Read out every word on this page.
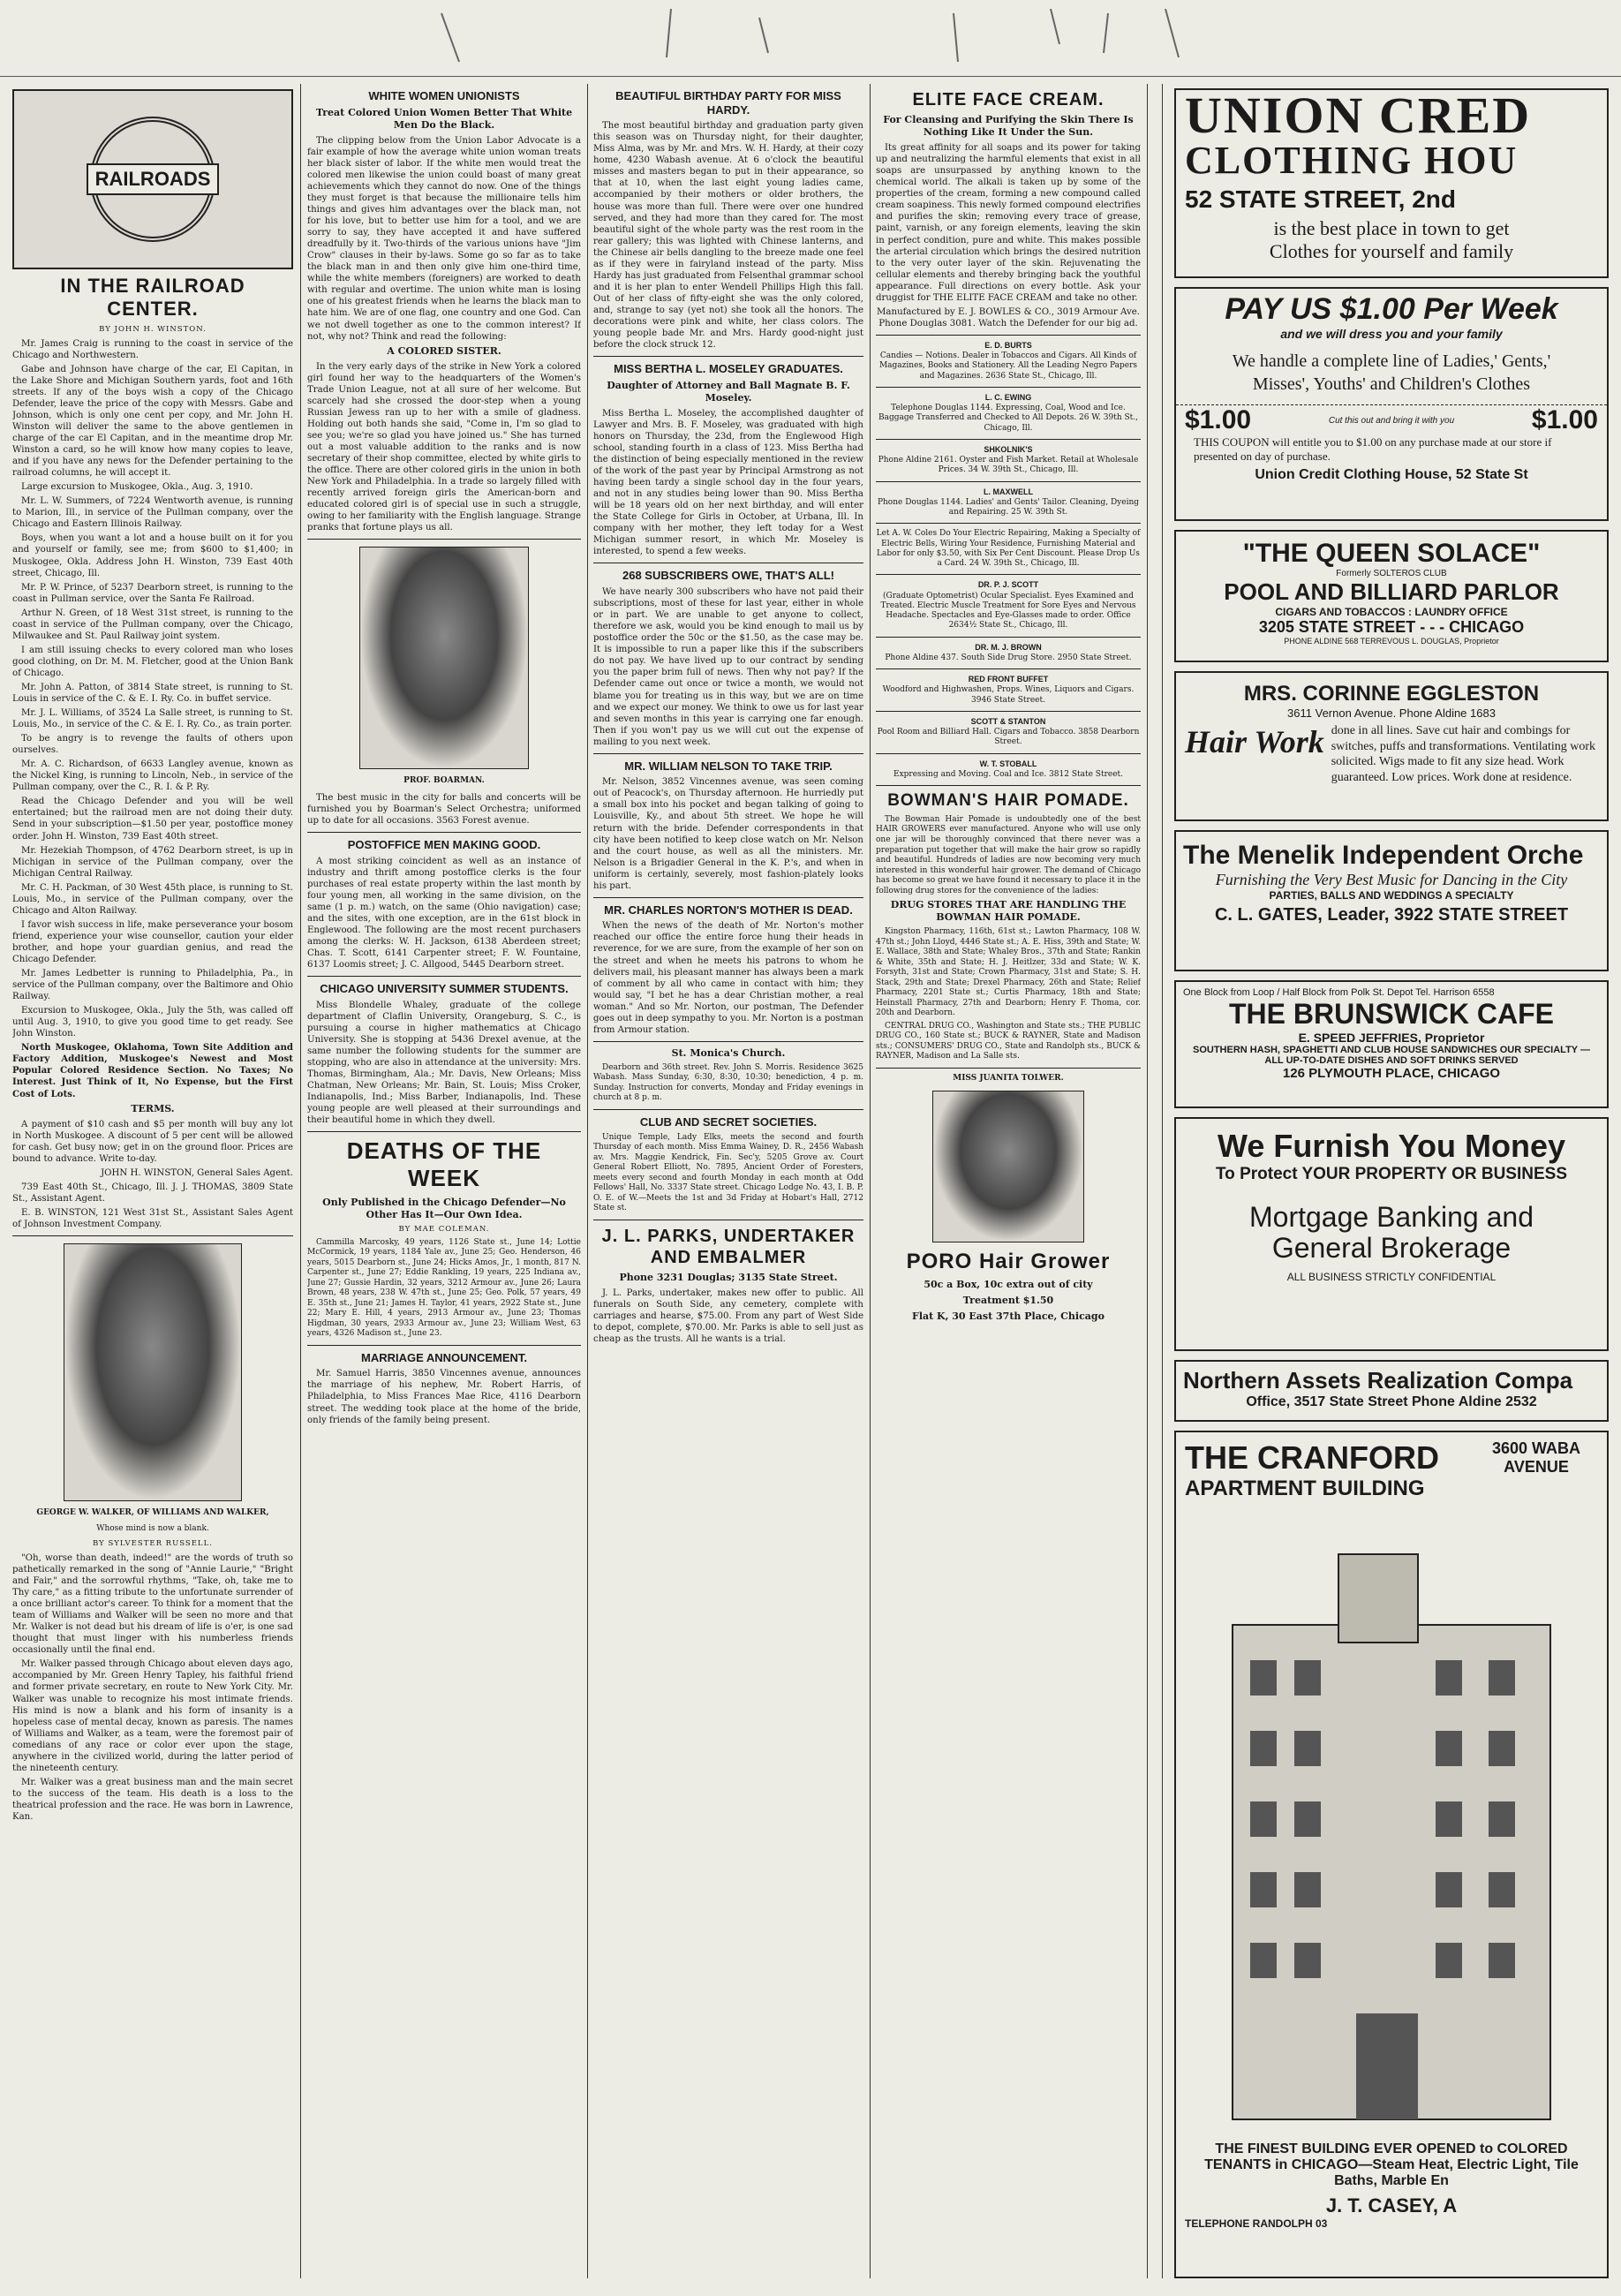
RAILROADS
IN THE RAILROAD CENTER.
BY JOHN H. WINSTON.

Mr. James Craig is running to the coast in service of the Chicago and Northwestern.

Gabe and Johnson have charge of the car, El Capitan, in the Lake Shore and Michigan Southern yards, foot and 16th streets. If any of the boys wish a copy of the Chicago Defender, leave the price of the copy with Messrs. Gabe and Johnson, which is only one cent per copy, and Mr. John H. Winston will deliver the same to the above gentlemen in charge of the car El Capitan, and in the meantime drop Mr. Winston a card, so he will know how many copies to leave, and if you have any news for the Defender pertaining to the railroad columns, he will accept it.

Large excursion to Muskogee, Okla., Aug. 3, 1910.

Mr. L. W. Summers, of 7224 Wentworth avenue, is running to Marion, Ill., in service of the Pullman company, over the Chicago and Eastern Illinois Railway.

Boys, when you want a lot and a house built on it for you and yourself or family, see me; from $600 to $1,400; in Muskogee, Okla. Address John H. Winston, 739 East 40th street, Chicago, Ill.

Mr. P. W. Prince, of 5237 Dearborn street, is running to the coast in Pullman service, over the Santa Fe Railroad.

Arthur N. Green, of 18 West 31st street, is running to the coast in service of the Pullman company, over the Chicago, Milwaukee and St. Paul Railway joint system.

I am still issuing checks to every colored man who loses good clothing, on Dr. M. M. Fletcher, good at the Union Bank of Chicago.

Mr. John A. Patton, of 3814 State street, is running to St. Louis in service of the C. & E. I. Ry. Co. in buffet service.

Mr. J. L. Williams, of 3524 La Salle street, is running to St. Louis, Mo., in service of the C. & E. I. Ry. Co., as train porter.

To be angry is to revenge the faults of others upon ourselves.

Mr. A. C. Richardson, of 6633 Langley avenue, known as the Nickel King, is running to Lincoln, Neb., in service of the Pullman company, over the C., R. I. & P. Ry.

Read the Chicago Defender and you will be well entertained; but the railroad men are not doing their duty. Send in your subscription—$1.50 per year, postoffice money order. John H. Winston, 739 East 40th street.

Mr. Hezekiah Thompson, of 4762 Dearborn street, is up in Michigan in service of the Pullman company, over the Michigan Central Railway.

Mr. C. H. Packman, of 30 West 45th place, is running to St. Louis, Mo., in service of the Pullman company, over the Chicago and Alton Railway.

I favor wish success in life, make perseverance your bosom friend, experience your wise counsellor, caution your elder brother, and hope your guardian genius, and read the Chicago Defender.

Mr. James Ledbetter is running to Philadelphia, Pa., in service of the Pullman company, over the Baltimore and Ohio Railway.

Excursion to Muskogee, Okla., July the 5th, was called off until Aug. 3, 1910, to give you good time to get ready. See John Winston.

North Muskogee, Oklahoma, Town Site Addition and Factory Addition, Muskogee's Newest and Most Popular Colored Residence Section. No Taxes; No Interest. Just Think of It, No Expense, but the First Cost of Lots.

TERMS.

A payment of $10 cash and $5 per month will buy any lot in North Muskogee. A discount of 5 per cent will be allowed for cash. Get busy now; get in on the ground floor. Prices are bound to advance. Write to-day.

JOHN H. WINSTON, General Sales Agent.

739 East 40th St., Chicago, Ill. J. J. THOMAS, 3809 State St., Assistant Agent.

E. B. WINSTON, 121 West 31st St., Assistant Sales Agent of Johnson Investment Company.

GEORGE W. WALKER, OF WILLIAMS AND WALKER,
Whose mind is now a blank.
BY SYLVESTER RUSSELL.

"Oh, worse than death, indeed!" are the words of truth so pathetically remarked in the song of "Annie Laurie," "Bright and Fair," and the sorrowful rhythms, "Take, oh, take me to Thy care," as a fitting tribute to the unfortunate surrender of a once brilliant actor's career. To think for a moment that the team of Williams and Walker will be seen no more and that Mr. Walker is not dead but his dream of life is o'er, is one sad thought that must linger with his numberless friends occasionally until the final end.

Mr. Walker passed through Chicago about eleven days ago, accompanied by Mr. Green Henry Tapley, his faithful friend and former private secretary, en route to New York City. Mr. Walker was unable to recognize his most intimate friends. His mind is now a blank and his form of insanity is a hopeless case of mental decay, known as paresis. The names of Williams and Walker, as a team, were the foremost pair of comedians of any race or color ever upon the stage, anywhere in the civilized world, during the latter period of the nineteenth century.

Mr. Walker was a great business man and the main secret to the success of the team. His death is a loss to the theatrical profession and the race. He was born in Lawrence, Kan.

WHITE WOMEN UNIONISTS
Treat Colored Union Women Better That White Men Do the Black.

The clipping below from the Union Labor Advocate is a fair example of how the average white union woman treats her black sister of labor. If the white men would treat the colored men likewise the union could boast of many great achievements which they cannot do now. One of the things they must forget is that because the millionaire tells him things and gives him advantages over the black man, not for his love, but to better use him for a tool, and we are sorry to say, they have accepted it and have suffered dreadfully by it. Two-thirds of the various unions have "Jim Crow" clauses in their by-laws. Some go so far as to take the black man in and then only give him one-third time, while the white members (foreigners) are worked to death with regular and overtime. The union white man is losing one of his greatest friends when he learns the black man to hate him. We are of one flag, one country and one God. Can we not dwell together as one to the common interest? If not, why not? Think and read the following:

A COLORED SISTER.

In the very early days of the strike in New York a colored girl found her way to the headquarters of the Women's Trade Union League, not at all sure of her welcome. But scarcely had she crossed the door-step when a young Russian Jewess ran up to her with a smile of gladness. Holding out both hands she said, "Come in, I'm so glad to see you; we're so glad you have joined us." She has turned out a most valuable addition to the ranks and is now secretary of their shop committee, elected by white girls to the office. There are other colored girls in the union in both New York and Philadelphia. In a trade so largely filled with recently arrived foreign girls the American-born and educated colored girl is of special use in such a struggle, owing to her familiarity with the English language. Strange pranks that fortune plays us all.

PROF. BOARMAN.

The best music in the city for balls and concerts will be furnished you by Boarman's Select Orchestra; uniformed up to date for all occasions. 3563 Forest avenue.

POSTOFFICE MEN MAKING GOOD.

A most striking coincident as well as an instance of industry and thrift among postoffice clerks is the four purchases of real estate property within the last month by four young men, all working in the same division, on the same (1 p. m.) watch, on the same (Ohio navigation) case; and the sites, with one exception, are in the 61st block in Englewood. The following are the most recent purchasers among the clerks: W. H. Jackson, 6138 Aberdeen street; Chas. T. Scott, 6141 Carpenter street; F. W. Fountaine, 6137 Loomis street; J. C. Allgood, 5445 Dearborn street.

CHICAGO UNIVERSITY SUMMER STUDENTS.

Miss Blondelle Whaley, graduate of the college department of Claflin University, Orangeburg, S. C., is pursuing a course in higher mathematics at Chicago University. She is stopping at 5436 Drexel avenue, at the same number the following students for the summer are stopping, who are also in attendance at the university: Mrs. Thomas, Birmingham, Ala.; Mr. Davis, New Orleans; Miss Chatman, New Orleans; Mr. Bain, St. Louis; Miss Croker, Indianapolis, Ind.; Miss Barber, Indianapolis, Ind. These young people are well pleased at their surroundings and their beautiful home in which they dwell.

DEATHS OF THE WEEK
Only Published in the Chicago Defender—No Other Has It—Our Own Idea.
BY MAE COLEMAN.

Cammilla Marcosky, 49 years, 1126 State st., June 14; Lottie McCormick, 19 years, 1184 Yale av., June 25; Geo. Henderson, 46 years, 5015 Dearborn st., June 24; Hicks Amos, Jr., 1 month, 817 N. Carpenter st., June 27; Eddie Rankling, 19 years, 225 Indiana av., June 27; Gussie Hardin, 32 years, 3212 Armour av., June 26; Laura Brown, 48 years, 238 W. 47th st., June 25; Geo. Polk, 57 years, 49 E. 35th st., June 21; James H. Taylor, 41 years, 2922 State st., June 22; Mary E. Hill, 4 years, 2913 Armour av., June 23; Thomas Higdman, 30 years, 2933 Armour av., June 23; William West, 63 years, 4326 Madison st., June 23.

MARRIAGE ANNOUNCEMENT.

Mr. Samuel Harris, 3850 Vincennes avenue, announces the marriage of his nephew, Mr. Robert Harris, of Philadelphia, to Miss Frances Mae Rice, 4116 Dearborn street. The wedding took place at the home of the bride, only friends of the family being present.

BEAUTIFUL BIRTHDAY PARTY FOR MISS HARDY.

The most beautiful birthday and graduation party given this season was on Thursday night, for their daughter, Miss Alma, was by Mr. and Mrs. W. H. Hardy, at their cozy home, 4230 Wabash avenue. At 6 o'clock the beautiful misses and masters began to put in their appearance, so that at 10, when the last eight young ladies came, accompanied by their mothers or older brothers, the house was more than full. There were over one hundred served, and they had more than they cared for. The most beautiful sight of the whole party was the rest room in the rear gallery; this was lighted with Chinese lanterns, and the Chinese air bells dangling to the breeze made one feel as if they were in fairyland instead of the party. Miss Hardy has just graduated from Felsenthal grammar school and it is her plan to enter Wendell Phillips High this fall. Out of her class of fifty-eight she was the only colored, and, strange to say (yet not) she took all the honors. The decorations were pink and white, her class colors. The young people bade Mr. and Mrs. Hardy good-night just before the clock struck 12.

MISS BERTHA L. MOSELEY GRADUATES.
Daughter of Attorney and Ball Magnate B. F. Moseley.

Miss Bertha L. Moseley, the accomplished daughter of Lawyer and Mrs. B. F. Moseley, was graduated with high honors on Thursday, the 23d, from the Englewood High school, standing fourth in a class of 123. Miss Bertha had the distinction of being especially mentioned in the review of the work of the past year by Principal Armstrong as not having been tardy a single school day in the four years, and not in any studies being lower than 90. Miss Bertha will be 18 years old on her next birthday, and will enter the State College for Girls in October, at Urbana, Ill. In company with her mother, they left today for a West Michigan summer resort, in which Mr. Moseley is interested, to spend a few weeks.

268 SUBSCRIBERS OWE, THAT'S ALL!

We have nearly 300 subscribers who have not paid their subscriptions, most of these for last year, either in whole or in part. We are unable to get anyone to collect, therefore we ask, would you be kind enough to mail us by postoffice order the 50c or the $1.50, as the case may be. It is impossible to run a paper like this if the subscribers do not pay. We have lived up to our contract by sending you the paper brim full of news. Then why not pay? If the Defender came out once or twice a month, we would not blame you for treating us in this way, but we are on time and we expect our money. We think to owe us for last year and seven months in this year is carrying one far enough. Then if you won't pay us we will cut out the expense of mailing to you next week.

MR. WILLIAM NELSON TO TAKE TRIP.

Mr. Nelson, 3852 Vincennes avenue, was seen coming out of Peacock's, on Thursday afternoon. He hurriedly put a small box into his pocket and began talking of going to Louisville, Ky., and about 5th street. We hope he will return with the bride. Defender correspondents in that city have been notified to keep close watch on Mr. Nelson and the court house, as well as all the ministers. Mr. Nelson is a Brigadier General in the K. P.'s, and when in uniform is certainly, severely, most fashion-plately looks his part.

MR. CHARLES NORTON'S MOTHER IS DEAD.

When the news of the death of Mr. Norton's mother reached our office the entire force hung their heads in reverence, for we are sure, from the example of her son on the street and when he meets his patrons to whom he delivers mail, his pleasant manner has always been a mark of comment by all who came in contact with him; they would say, "I bet he has a dear Christian mother, a real woman." And so Mr. Norton, our postman, The Defender goes out in deep sympathy to you. Mr. Norton is a postman from Armour station.

St. Monica's Church.

Dearborn and 36th street. Rev. John S. Morris. Residence 3625 Wabash. Mass Sunday, 6:30, 8:30, 10:30; benediction, 4 p. m. Sunday. Instruction for converts, Monday and Friday evenings in church at 8 p. m.

CLUB AND SECRET SOCIETIES.

Unique Temple, Lady Elks, meets the second and fourth Thursday of each month. Miss Emma Wainey, D. R., 2456 Wabash av. Mrs. Maggie Kendrick, Fin. Sec'y, 5205 Grove av. Court General Robert Elliott, No. 7895, Ancient Order of Foresters, meets every second and fourth Monday in each month at Odd Fellows' Hall, No. 3337 State street. Chicago Lodge No. 43, I. B. P. O. E. of W.—Meets the 1st and 3d Friday at Hobart's Hall, 2712 State st.

J. L. PARKS, UNDERTAKER AND EMBALMER
Phone 3231 Douglas; 3135 State Street.

J. L. Parks, undertaker, makes new offer to public. All funerals on South Side, any cemetery, complete with carriages and hearse, $75.00. From any part of West Side to depot, complete, $70.00. Mr. Parks is able to sell just as cheap as the trusts. All he wants is a trial.

ELITE FACE CREAM.
For Cleansing and Purifying the Skin There Is Nothing Like It Under the Sun.

Its great affinity for all soaps and its power for taking up and neutralizing the harmful elements that exist in all soaps are unsurpassed by anything known to the chemical world. The alkali is taken up by some of the properties of the cream, forming a new compound called cream soapiness. This newly formed compound electrifies and purifies the skin; removing every trace of grease, paint, varnish, or any foreign elements, leaving the skin in perfect condition, pure and white. This makes possible the arterial circulation which brings the desired nutrition to the very outer layer of the skin. Rejuvenating the cellular elements and thereby bringing back the youthful appearance. Full directions on every bottle. Ask your druggist for THE ELITE FACE CREAM and take no other.

Manufactured by E. J. BOWLES & CO., 3019 Armour Ave. Phone Douglas 3081. Watch the Defender for our big ad.

E. D. BURTS
Candies — Notions. Dealer in Tobaccos and Cigars. All Kinds of Magazines, Books and Stationery. All the Leading Negro Papers and Magazines. 2636 State St., Chicago, Ill.
L. C. EWING
Telephone Douglas 1144. Expressing, Coal, Wood and Ice. Baggage Transferred and Checked to All Depots. 26 W. 39th St., Chicago, Ill.
SHKOLNIK'S
Phone Aldine 2161. Oyster and Fish Market. Retail at Wholesale Prices. 34 W. 39th St., Chicago, Ill.
L. MAXWELL
Phone Douglas 1144. Ladies' and Gents' Tailor. Cleaning, Dyeing and Repairing. 25 W. 39th St.
Let A. W. Coles Do Your Electric Repairing, Making a Specialty of Electric Bells, Wiring Your Residence, Furnishing Material and Labor for only $3.50, with Six Per Cent Discount. Please Drop Us a Card. 24 W. 39th St., Chicago, Ill.
DR. P. J. SCOTT
(Graduate Optometrist) Ocular Specialist. Eyes Examined and Treated. Electric Muscle Treatment for Sore Eyes and Nervous Headache. Spectacles and Eye-Glasses made to order. Office 2634½ State St., Chicago, Ill.
DR. M. J. BROWN
Phone Aldine 437. South Side Drug Store. 2950 State Street.
RED FRONT BUFFET
Woodford and Highwashen, Props. Wines, Liquors and Cigars. 3946 State Street.
SCOTT & STANTON
Pool Room and Billiard Hall. Cigars and Tobacco. 3858 Dearborn Street.
W. T. STOBALL
Expressing and Moving. Coal and Ice. 3812 State Street.
BOWMAN'S HAIR POMADE.

The Bowman Hair Pomade is undoubtedly one of the best HAIR GROWERS ever manufactured. Anyone who will use only one jar will be thoroughly convinced that there never was a preparation put together that will make the hair grow so rapidly and beautiful. Hundreds of ladies are now becoming very much interested in this wonderful hair grower. The demand of Chicago has become so great we have found it necessary to place it in the following drug stores for the convenience of the ladies:

DRUG STORES THAT ARE HANDLING THE BOWMAN HAIR POMADE.

Kingston Pharmacy, 116th, 61st st.; Lawton Pharmacy, 108 W. 47th st.; John Lloyd, 4446 State st.; A. E. Hiss, 39th and State; W. E. Wallace, 38th and State; Whaley Bros., 37th and State; Rankin & White, 35th and State; H. J. Heitlzer, 33d and State; W. K. Forsyth, 31st and State; Crown Pharmacy, 31st and State; S. H. Stack, 29th and State; Drexel Pharmacy, 26th and State; Relief Pharmacy, 2201 State st.; Curtis Pharmacy, 18th and State; Heinstall Pharmacy, 27th and Dearborn; Henry F. Thoma, cor. 20th and Dearborn.

CENTRAL DRUG CO., Washington and State sts.; THE PUBLIC DRUG CO., 160 State st.; BUCK & RAYNER, State and Madison sts.; CONSUMERS' DRUG CO., State and Randolph sts., BUCK & RAYNER, Madison and La Salle sts.

MISS JUANITA TOLWER.
PORO Hair Grower
50c a Box, 10c extra out of city
Treatment $1.50
Flat K, 30 East 37th Place, Chicago
UNION CRED
CLOTHING HOU
52 STATE STREET, 2nd
is the best place in town to get
Clothes for yourself and family
PAY US $1.00 Per Week
and we will dress you and your family
We handle a complete line of Ladies,' Gents,' Misses', Youths' and Children's Clothes
$1.00	Cut this out and bring it with you	$1.00
THIS COUPON will entitle you to $1.00 on any purchase made at our store if presented on day of purchase.
Union Credit Clothing House, 52 State St
"THE QUEEN SOLACE"
Formerly SOLTEROS CLUB
POOL AND BILLIARD PARLOR
CIGARS AND TOBACCOS : LAUNDRY OFFICE
3205 STATE STREET - - - CHICAGO
PHONE ALDINE 568 TERREVOUS L. DOUGLAS, Proprietor
MRS. CORINNE EGGLESTON
3611 Vernon Avenue. Phone Aldine 1683
Hair Work done in all lines. Save cut hair and combings for switches, puffs and transformations. Ventilating work solicited. Wigs made to fit any size head. Work guaranteed. Low prices. Work done at residence.
The Menelik Independent Orche
Furnishing the Very Best Music for Dancing in the City
PARTIES, BALLS AND WEDDINGS A SPECIALTY
C. L. GATES, Leader, 3922 STATE STREET
One Block from Loop / Half Block from Polk St. Depot Tel. Harrison 6558
THE BRUNSWICK CAFE
E. SPEED JEFFRIES, Proprietor
SOUTHERN HASH, SPAGHETTI AND CLUB HOUSE SANDWICHES OUR SPECIALTY — ALL UP-TO-DATE DISHES AND SOFT DRINKS SERVED
126 PLYMOUTH PLACE, CHICAGO
We Furnish You Money
To Protect YOUR PROPERTY OR BUSINESS
Mortgage Banking and General Brokerage
ALL BUSINESS STRICTLY CONFIDENTIAL
Northern Assets Realization Compa
Office, 3517 State Street Phone Aldine 2532
THE CRANFORD	3600 WABA AVENUE
APARTMENT BUILDING
THE FINEST BUILDING EVER OPENED to COLORED TENANTS in CHICAGO—Steam Heat, Electric Light, Tile Baths, Marble En
J. T. CASEY, A
TELEPHONE RANDOLPH 03
